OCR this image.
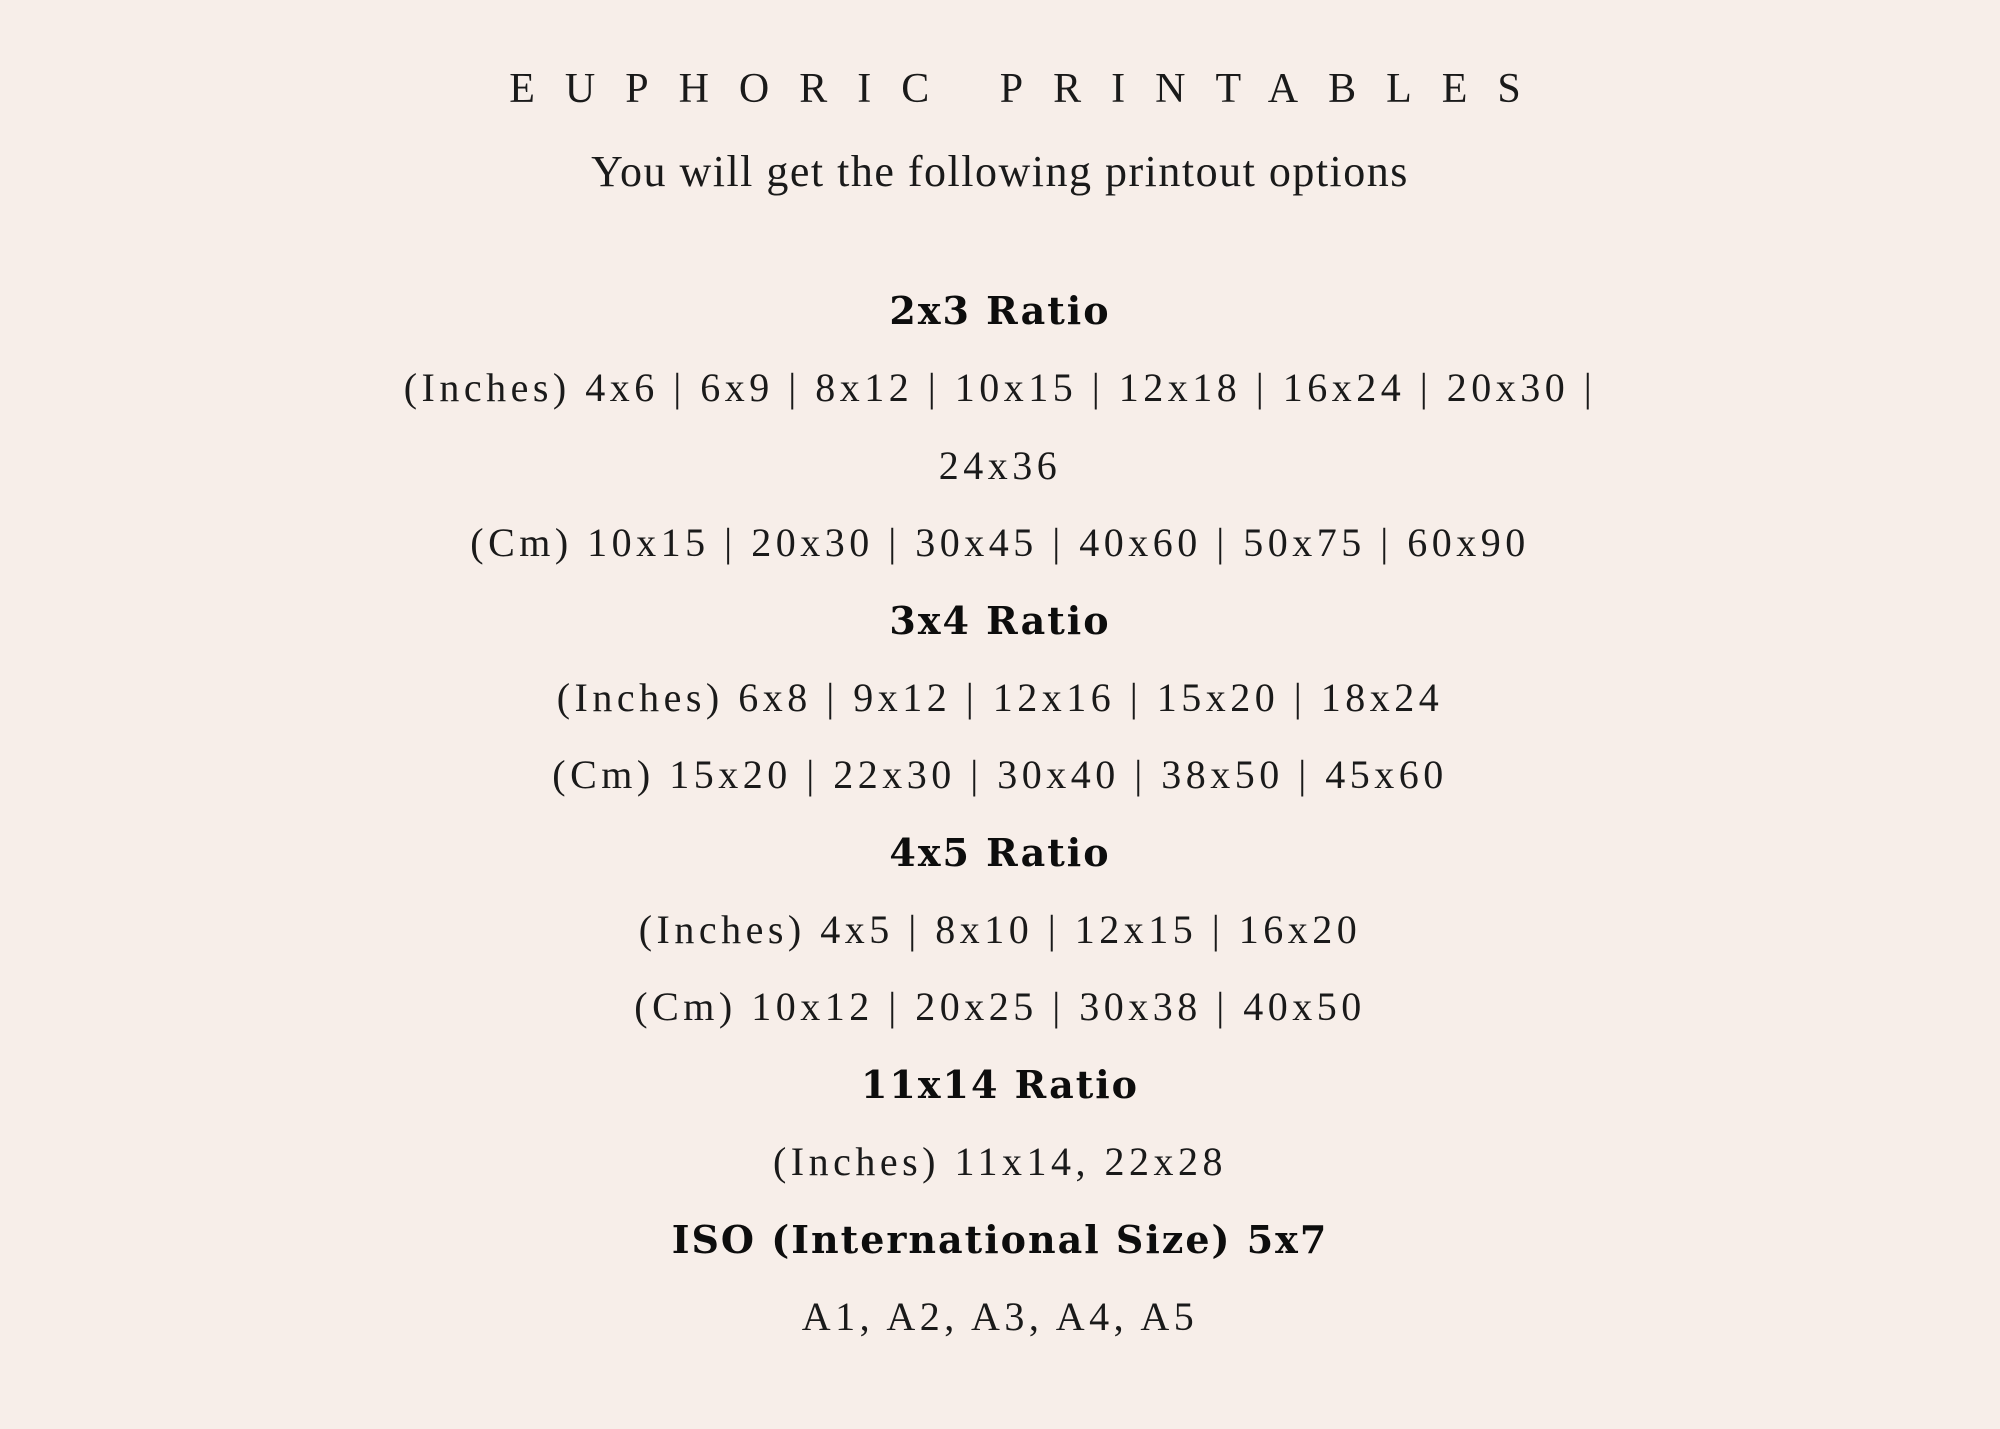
EUPHORIC PRINTABLES
You will get the following printout options
2x3 Ratio
(Inches) 4x6 | 6x9 | 8x12 | 10x15 | 12x18 | 16x24 | 20x30 |
24x36
(Cm) 10x15 | 20x30 | 30x45 | 40x60 | 50x75 | 60x90
3x4 Ratio
(Inches) 6x8 | 9x12 | 12x16 | 15x20 | 18x24
(Cm) 15x20 | 22x30 | 30x40 | 38x50 | 45x60
4x5 Ratio
(Inches) 4x5 | 8x10 | 12x15 | 16x20
(Cm) 10x12 | 20x25 | 30x38 | 40x50
11x14 Ratio
(Inches) 11x14, 22x28
ISO (International Size) 5x7
A1, A2, A3, A4, A5
